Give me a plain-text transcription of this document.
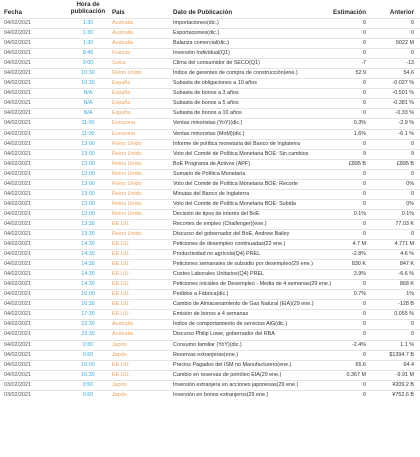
Fecha
Hora de
publicación	País	Dato de Publicación	Estimación	Anterior
04/02/2021	1:30	Australia	Importaciones(dic.)	0	0
04/02/2021	1:30	Australia	Exportaciones(dic.)	0	0
04/02/2021	1:30	Australia	Balanza comercial(dic.)	0	5022 M
04/02/2021	8:45	Francia	Inversión Individual(Q1)	0	0
04/02/2021	9:00	Suiza	Clima del consumidor de SECO(Q1)	-7	-13
04/02/2021	10:30	Reino Unido	Índice de gerentes de compra de construcción(ene.)	52.9	54.6
04/02/2021	10:30	España	Subasta de obligaciones a 10 años	0	-0.027 %
04/02/2021	N/A	España	Subasta de bonos a 3 años	0	-0.501 %
04/02/2021	N/A	España	Subasta de bonos a 5 años	0	-0.381 %
04/02/2021	N/A	España	Subasta de bonos a 10 años	0	-0.33 %
04/02/2021	11:00	Eurozona	Ventas minoristas (YoY)(dic.)	0.3%	-2.9 %
04/02/2021	11:00	Eurozona	Ventas minoristas (MoM)(dic.)	1.6%	-6.1 %
04/02/2021	13:00	Reino Unido	Informe de política monetaria del Banco de Inglaterra	0	0
04/02/2021	13:00	Reino Unido	Voto del Comité de Política Monetaria BOE: Sin cambios	9	9
04/02/2021	13:00	Reino Unido	BoE Programa de Activos (APF)	£895 B	£895 B
04/02/2021	13:00	Reino Unido	Sumario de Política Monetaria	0	0
04/02/2021	13:00	Reino Unido	Voto del Comité de Política Monetaria BOE: Recorte	0	0%
04/02/2021	13:00	Reino Unido	Minutas del Banco de Inglaterra	0	0
04/02/2021	13:00	Reino Unido	Voto del Comité de Política Monetaria BOE: Subida	0	0%
04/02/2021	13:00	Reino Unido	Decisión de tipos de interés del BoE	0.1%	0.1%
04/02/2021	13:30	EE.UU.	Recortes de empleo (Challenger)(ene.)	0	77.03 K
04/02/2021	13:30	Reino Unido	Discurso del gobernador del BoE, Andrew Bailey	0	0
04/02/2021	14:30	EE.UU.	Peticiones de desempleo continuadas(22 ene.)	4.7 M	4.771 M
04/02/2021	14:30	EE.UU.	Productividad no agrícola(Q4) PREL	-2.8%	4.6 %
04/02/2021	14:30	EE.UU.	Peticiones semanales de subsidio por desempleo(29 ene.)	830 K	847 K
04/02/2021	14:30	EE.UU.	Costes Laborales Unitarios(Q4) PREL	3.9%	-6.6 %
04/02/2021	14:30	EE.UU.	Peticiones iniciales de Desempleo - Media de 4 semanas(29 ene.)	0	868 K
04/02/2021	16:00	EE.UU.	Pedidos a Fábrica(dic.)	0.7%	1%
04/02/2021	16:30	EE.UU.	Cambio de Almacenamiento de Gas Natural (EIA)(29 ene.)	0	-128 B
04/02/2021	17:30	EE.UU.	Emisión de bonos a 4 semanas	0	0.055 %
04/02/2021	22:30	Australia	Índice de comportamiento de servicios AiG(dic.)	0	0
04/02/2021	23:30	Australia	Discurso Philip Lowe, gobernador del RBA	0	0
04/02/2021	0:30	Japón	Consumo familiar (YoY)(dic.)	-2.4%	1.1 %
04/02/2021	0:50	Japón	Reservas extranjeras(ene.)	0	$1394.7 B
04/02/2021	16:00	EE.UU.	Precios Pagados del ISM no Manufacturero(ene.)	65.6	64.4
04/02/2021	16:30	EE.UU.	Cambio en reservas de petróleo EIA(29 ene.)	0.367 M	-9.91 M
03/02/2021	0:50	Japón	Inversión extranjera en acciones japonesas(29 ene.)	0	¥209.2 B
03/02/2021	0:50	Japón	Inversión en bonos extranjeros(29 ene.)	0	¥752.6 B
